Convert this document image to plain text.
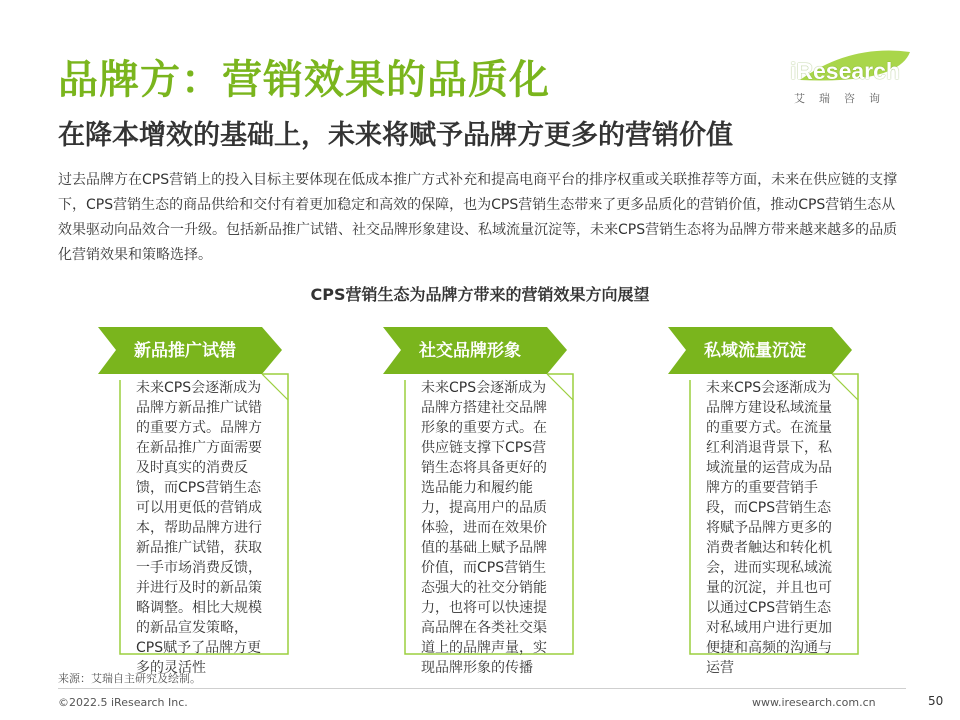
品牌方：营销效果的品质化
在降本增效的基础上，未来将赋予品牌方更多的营销价值
iResearch
艾瑞咨询
过去品牌方在CPS营销上的投入目标主要体现在低成本推广方式补充和提高电商平台的排序权重或关联推荐等方面，未来在供应链的支撑下，CPS营销生态的商品供给和交付有着更加稳定和高效的保障，也为CPS营销生态带来了更多品质化的营销价值，推动CPS营销生态从效果驱动向品效合一升级。包括新品推广试错、社交品牌形象建设、私域流量沉淀等，未来CPS营销生态将为品牌方带来越来越多的品质化营销效果和策略选择。
CPS营销生态为品牌方带来的营销效果方向展望
新品推广试错
未来CPS会逐渐成为品牌方新品推广试错的重要方式。品牌方在新品推广方面需要及时真实的消费反馈，而CPS营销生态可以用更低的营销成本，帮助品牌方进行新品推广试错，获取一手市场消费反馈，并进行及时的新品策略调整。相比大规模的新品宣发策略，CPS赋予了品牌方更多的灵活性
社交品牌形象
未来CPS会逐渐成为品牌方搭建社交品牌形象的重要方式。在供应链支撑下CPS营销生态将具备更好的选品能力和履约能力，提高用户的品质体验，进而在效果价值的基础上赋予品牌价值，而CPS营销生态强大的社交分销能力，也将可以快速提高品牌在各类社交渠道上的品牌声量，实现品牌形象的传播
私域流量沉淀
未来CPS会逐渐成为品牌方建设私域流量的重要方式。在流量红利消退背景下，私域流量的运营成为品牌方的重要营销手段，而CPS营销生态将赋予品牌方更多的消费者触达和转化机会，进而实现私域流量的沉淀，并且也可以通过CPS营销生态对私域用户进行更加便捷和高频的沟通与运营
来源：艾瑞自主研究及绘制。
©2022.5 iResearch Inc.	www.iresearch.com.cn	50
